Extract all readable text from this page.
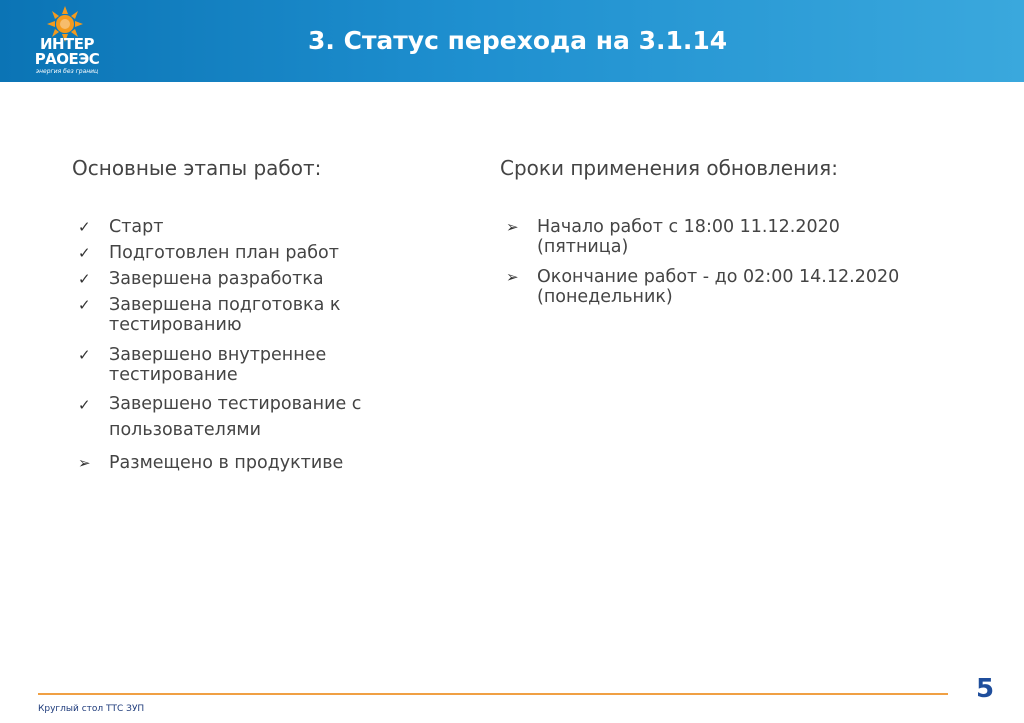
ИНТЕР
РАОЕЭС
энергия без границ
3. Статус перехода на 3.1.14
Основные этапы работ:
✓ Старт
✓ Подготовлен план работ
✓ Завершена разработка
✓ Завершена подготовка к тестированию
✓ Завершено внутреннее тестирование
✓ Завершено тестирование с пользователями
➢ Размещено в продуктиве
Сроки применения обновления:
➢ Начало работ с 18:00 11.12.2020 (пятница)
➢ Окончание работ - до 02:00 14.12.2020 (понедельник)
Круглый стол ТТС ЗУП
5
